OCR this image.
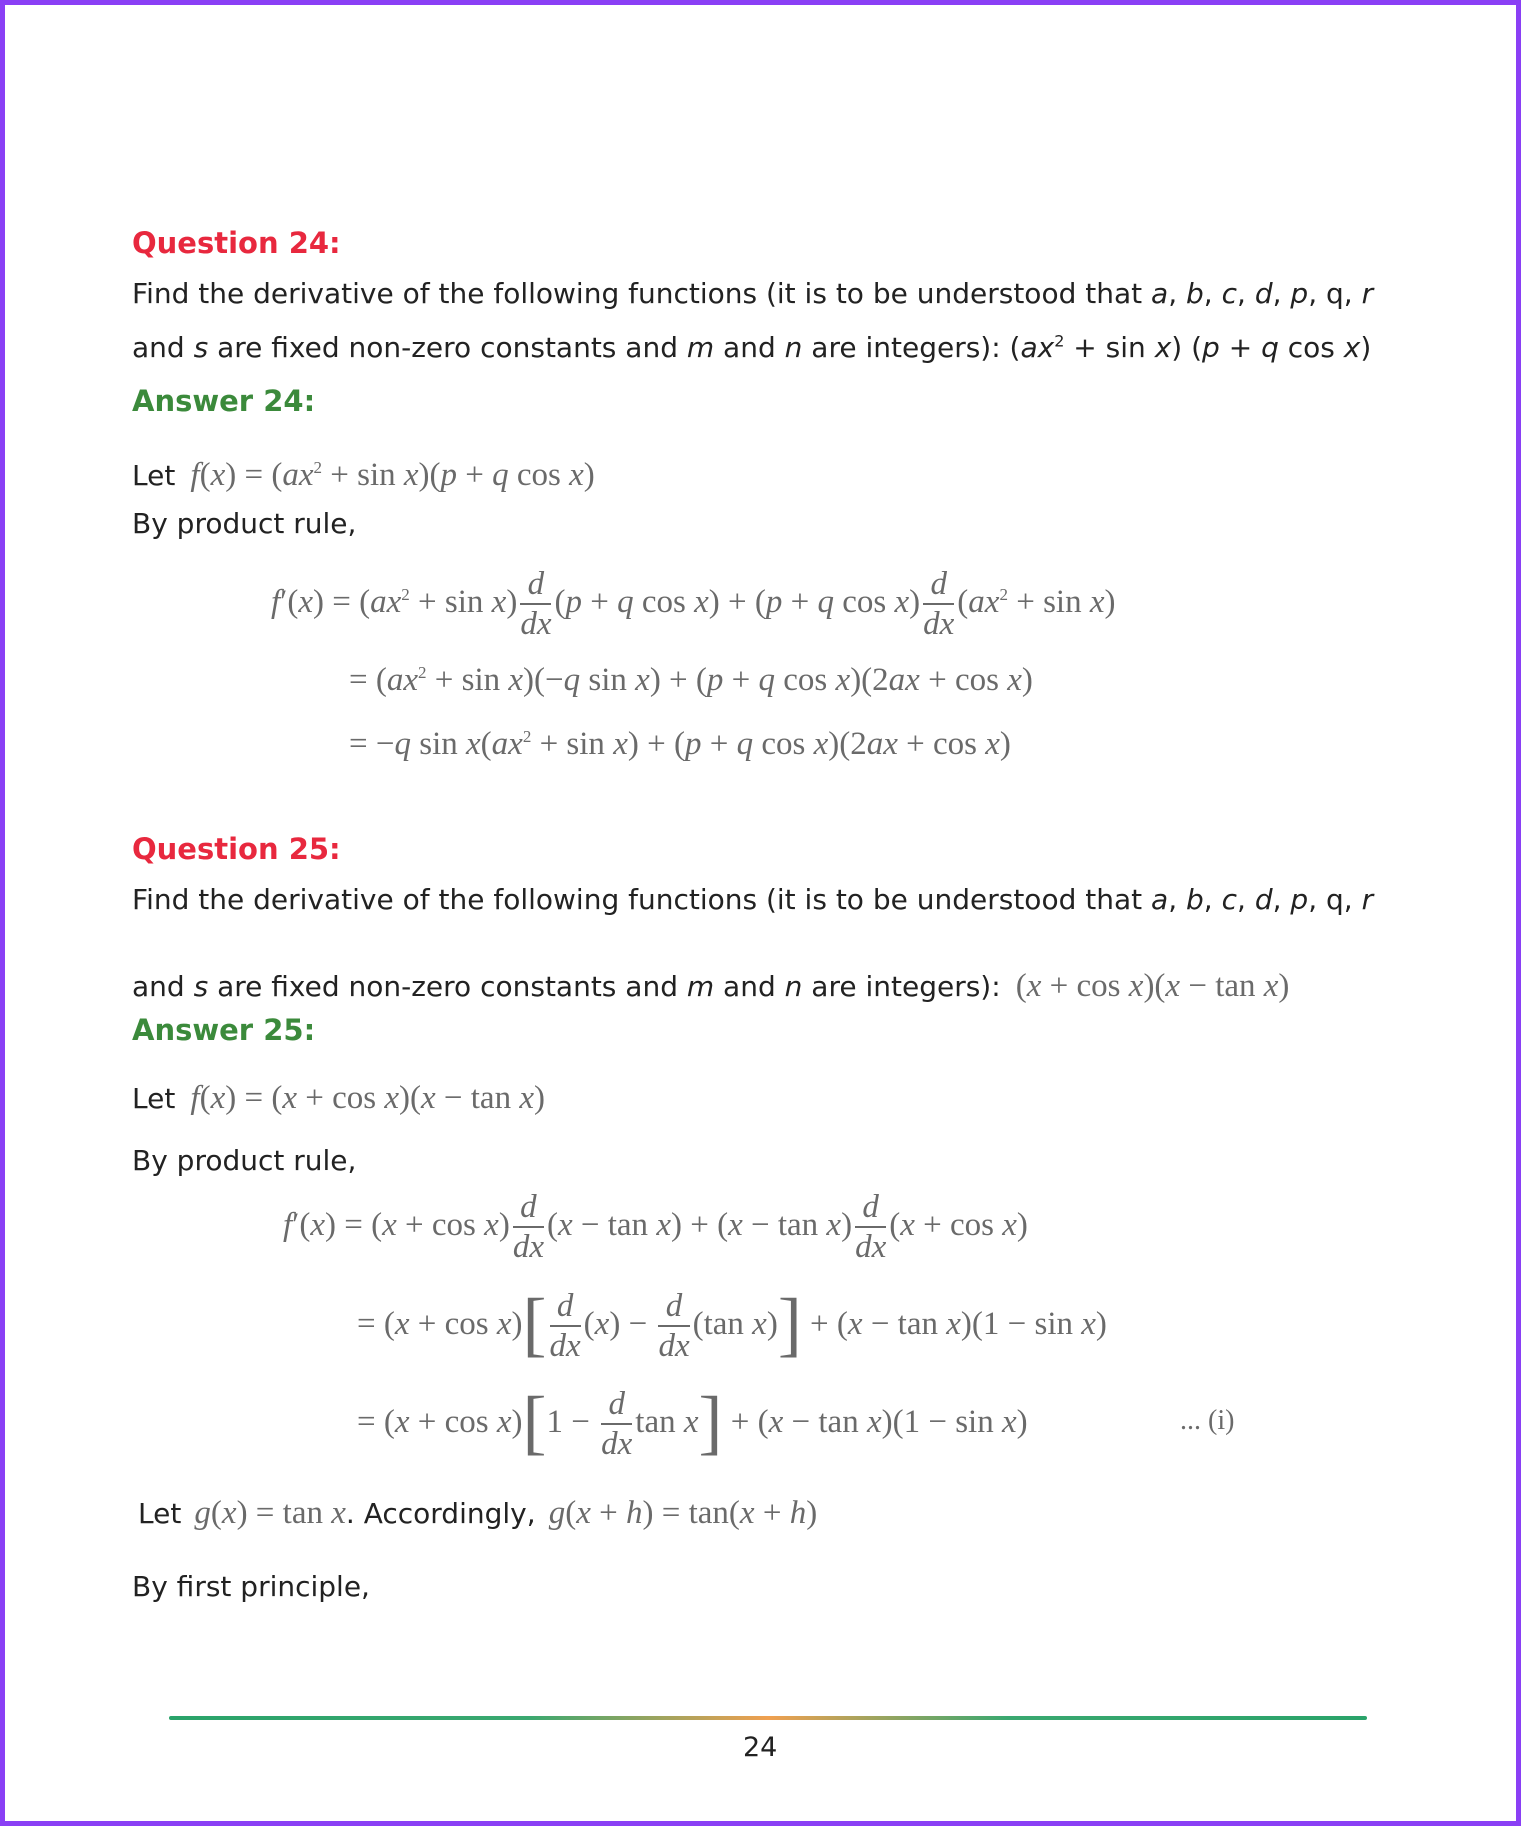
Question 24:
Find the derivative of the following functions (it is to be understood that a, b, c, d, p, q, r
and s are fixed non-zero constants and m and n are integers): $(ax^2 + \sin x) (p + q$ cos x)
Answer 24:
Let $f(x) = (ax^2 + \sin x)(p + q$ cos x)
By product rule,
$f'(x) = (ax^2 + \sin x) \frac{d}{dx} (p + q$ cos x) + (p + q $\cos x) \frac{d}{dx} (ax^2 + \sin x)$
= $(ax^2 + \sin x)(-q$ sin x) + (p + q cos x)(2ax + cos x)
= −q $\sin x(ax^2 + \sin x) + (p + q$ cos x)(2ax + cos x)
Question 25:
Find the derivative of the following functions (it is to be understood that a, b, c, d, p, q, r
and s are fixed non-zero constants and m and n are integers): (x + cos x)(x − tan x)
Answer 25:
Let f(x) = (x + cos x)(x − tan x)
By product rule,
$f'(x) = (x + \cos x) \frac{d}{dx} (x - \tan x) + (x - \tan x) \frac{d}{dx} (x + \cos x)$
= $(x + \cos x)[ \frac{d}{dx} (x) - \frac{d}{dx} (\tan$ x)] + (x − tan x)(1 − sin x)
= $(x + \cos x)[1 - \frac{d}{dx}$ tan x] + (x − tan x)(1 − sin x)	... (i)
Let g(x) = tan x. Accordingly, g(x + h) = tan(x + h)
By first principle,
24
